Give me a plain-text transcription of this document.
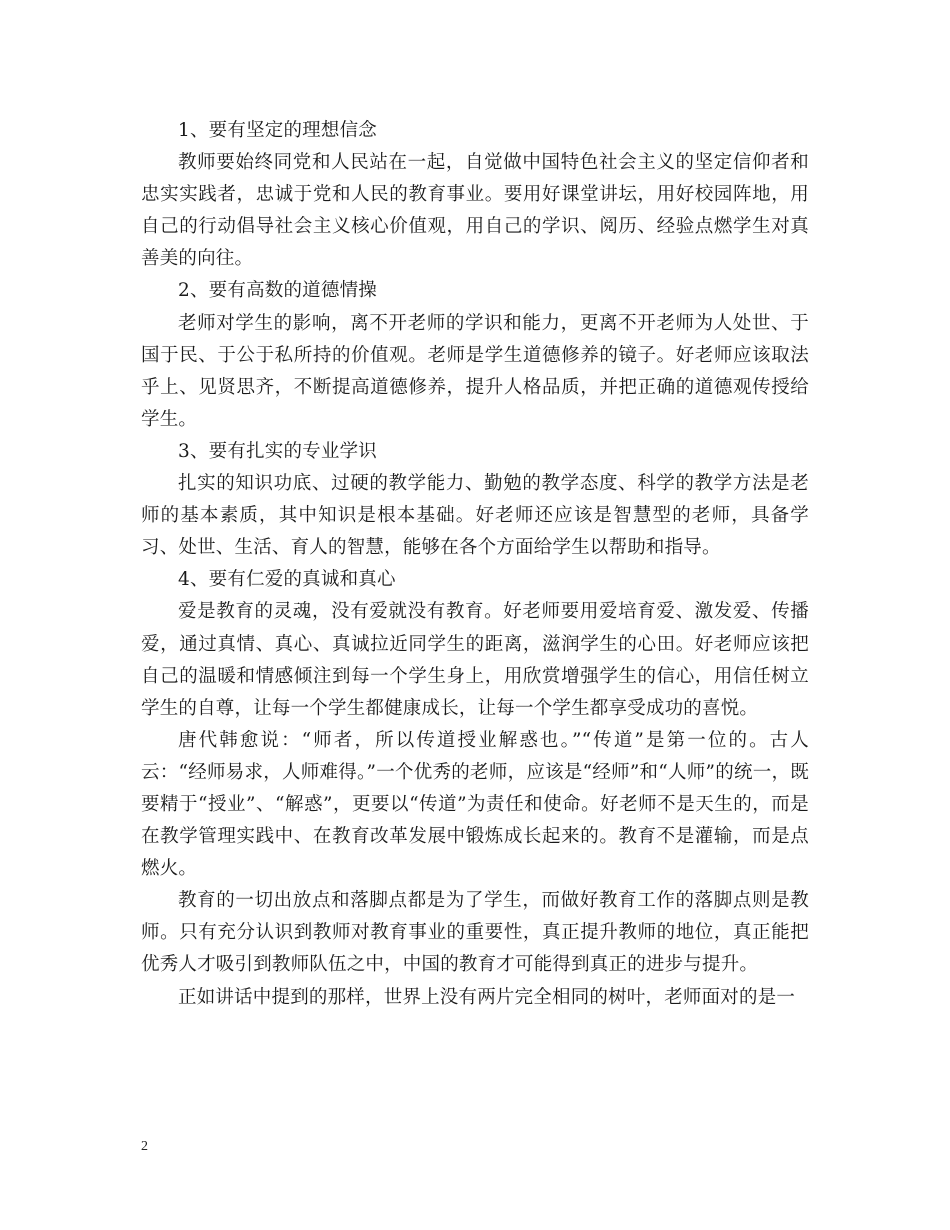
1、要有坚定的理想信念

教师要始终同党和人民站在一起，自觉做中国特色社会主义的坚定信仰者和忠实实践者，忠诚于党和人民的教育事业。要用好课堂讲坛，用好校园阵地，用自己的行动倡导社会主义核心价值观，用自己的学识、阅历、经验点燃学生对真善美的向往。

2、要有高数的道德情操

老师对学生的影响，离不开老师的学识和能力，更离不开老师为人处世、于国于民、于公于私所持的价值观。老师是学生道德修养的镜子。好老师应该取法乎上、见贤思齐，不断提高道德修养，提升人格品质，并把正确的道德观传授给学生。

3、要有扎实的专业学识

扎实的知识功底、过硬的教学能力、勤勉的教学态度、科学的教学方法是老师的基本素质，其中知识是根本基础。好老师还应该是智慧型的老师，具备学习、处世、生活、育人的智慧，能够在各个方面给学生以帮助和指导。

4、要有仁爱的真诚和真心

爱是教育的灵魂，没有爱就没有教育。好老师要用爱培育爱、激发爱、传播爱，通过真情、真心、真诚拉近同学生的距离，滋润学生的心田。好老师应该把自己的温暖和情感倾注到每一个学生身上，用欣赏增强学生的信心，用信任树立学生的自尊，让每一个学生都健康成长，让每一个学生都享受成功的喜悦。

唐代韩愈说：“师者，所以传道授业解惑也。”“传道”是第一位的。古人云：“经师易求，人师难得。”一个优秀的老师，应该是“经师”和“人师”的统一，既要精于“授业”、“解惑”，更要以“传道”为责任和使命。好老师不是天生的，而是在教学管理实践中、在教育改革发展中锻炼成长起来的。教育不是灌输，而是点燃火。

教育的一切出放点和落脚点都是为了学生，而做好教育工作的落脚点则是教师。只有充分认识到教师对教育事业的重要性，真正提升教师的地位，真正能把优秀人才吸引到教师队伍之中，中国的教育才可能得到真正的进步与提升。

正如讲话中提到的那样，世界上没有两片完全相同的树叶，老师面对的是一

2
